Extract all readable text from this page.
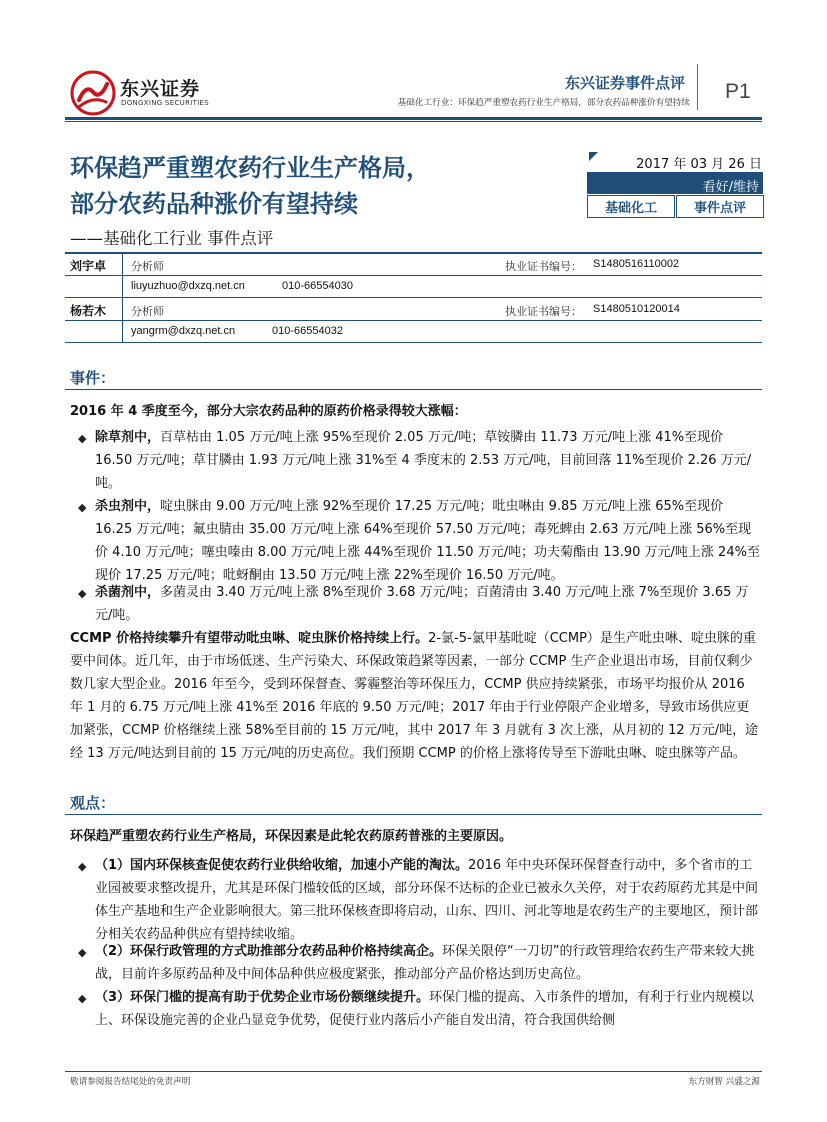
东兴证券
DONGXING SECURITIES
东兴证券事件点评
基础化工行业：环保趋严重塑农药行业生产格局，部分农药品种涨价有望持续 P1
环保趋严重塑农药行业生产格局，
部分农药品种涨价有望持续
——基础化工行业 事件点评
2017 年 03 月 26 日
看好/维持
基础化工	事件点评
刘宇卓 分析师	执业证书编号： S1480516110002
liuyuzhuo@dxzq.net.cn	010-66554030
杨若木 分析师	执业证书编号： S1480510120014
yangrm@dxzq.net.cn	010-66554032
事件：
2016 年 4 季度至今，部分大宗农药品种的原药价格录得较大涨幅：
◆ 除草剂中，百草枯由 1.05 万元/吨上涨 95%至现价 2.05 万元/吨；草铵膦由 11.73 万元/吨上涨 41%至现价 16.50 万元/吨；草甘膦由 1.93 万元/吨上涨 31%至 4 季度末的 2.53 万元/吨，目前回落 11%至现价 2.26 万元/吨。

◆ 杀虫剂中，啶虫脒由 9.00 万元/吨上涨 92%至现价 17.25 万元/吨；吡虫啉由 9.85 万元/吨上涨 65%至现价 16.25 万元/吨；氟虫腈由 35.00 万元/吨上涨 64%至现价 57.50 万元/吨；毒死蜱由 2.63 万元/吨上涨 56%至现价 4.10 万元/吨；噻虫嗪由 8.00 万元/吨上涨 44%至现价 11.50 万元/吨；功夫菊酯由 13.90 万元/吨上涨 24%至现价 17.25 万元/吨；吡蚜酮由 13.50 万元/吨上涨 22%至现价 16.50 万元/吨。

◆ 杀菌剂中，多菌灵由 3.40 万元/吨上涨 8%至现价 3.68 万元/吨；百菌清由 3.40 万元/吨上涨 7%至现价 3.65 万元/吨。

CCMP 价格持续攀升有望带动吡虫啉、啶虫脒价格持续上行。2-氯-5-氯甲基吡啶（CCMP）是生产吡虫啉、啶虫脒的重要中间体。近几年，由于市场低迷、生产污染大、环保政策趋紧等因素，一部分 CCMP 生产企业退出市场，目前仅剩少数几家大型企业。2016 年至今，受到环保督查、雾霾整治等环保压力，CCMP 供应持续紧张，市场平均报价从 2016 年 1 月的 6.75 万元/吨上涨 41%至 2016 年底的 9.50 万元/吨；2017 年由于行业停限产企业增多，导致市场供应更加紧张，CCMP 价格继续上涨 58%至目前的 15 万元/吨，其中 2017 年 3 月就有 3 次上涨，从月初的 12 万元/吨，途经 13 万元/吨达到目前的 15 万元/吨的历史高位。我们预期 CCMP 的价格上涨将传导至下游吡虫啉、啶虫脒等产品。

观点：
环保趋严重塑农药行业生产格局，环保因素是此轮农药原药普涨的主要原因。
◆ （1）国内环保核查促使农药行业供给收缩，加速小产能的淘汰。2016 年中央环保环保督查行动中，多个省市的工业园被要求整改提升，尤其是环保门槛较低的区域，部分环保不达标的企业已被永久关停，对于农药原药尤其是中间体生产基地和生产企业影响很大。第三批环保核查即将启动，山东、四川、河北等地是农药生产的主要地区，预计部分相关农药品种供应有望持续收缩。

◆ （2）环保行政管理的方式助推部分农药品种价格持续高企。环保关限停“一刀切”的行政管理给农药生产带来较大挑战，目前许多原药品种及中间体品种供应极度紧张，推动部分产品价格达到历史高位。

◆ （3）环保门槛的提高有助于优势企业市场份额继续提升。环保门槛的提高、入市条件的增加，有利于行业内规模以上、环保设施完善的企业凸显竞争优势，促使行业内落后小产能自发出清，符合我国供给侧

敬请参阅报告结尾处的免责声明	东方财智 兴盛之源
